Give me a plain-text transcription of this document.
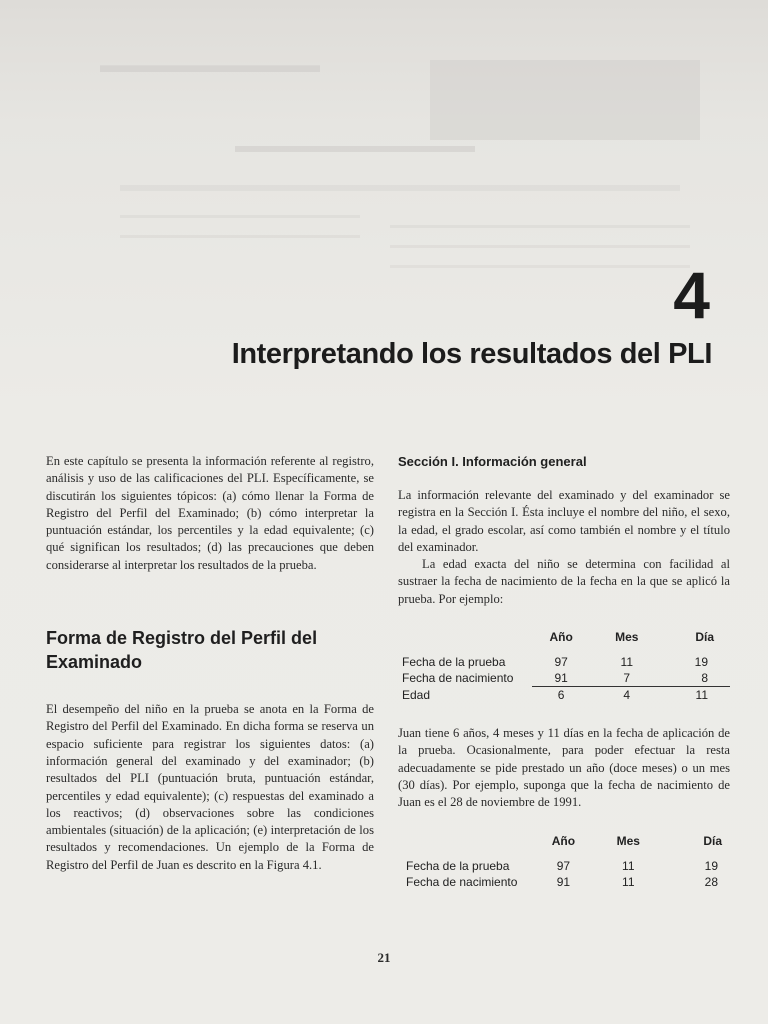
▬▬▬▬▬▬▬▬▬▬
▬▬▬▬▬▬▬▬▬▬▬▬
4
Interpretando los resultados del PLI

En este capítulo se presenta la información referente al registro, análisis y uso de las calificaciones del PLI. Específicamente, se discutirán los siguientes tópicos: (a) cómo llenar la Forma de Registro del Perfil del Examinado; (b) cómo interpretar la puntuación estándar, los percentiles y la edad equivalente; (c) qué significan los resultados; (d) las precauciones que deben considerarse al interpretar los resultados de la prueba.

Forma de Registro del Perfil del Examinado

El desempeño del niño en la prueba se anota en la Forma de Registro del Perfil del Examinado. En dicha forma se reserva un espacio suficiente para registrar los siguientes datos: (a) información general del examinado y del examinador; (b) resultados del PLI (puntuación bruta, puntuación estándar, percentiles y edad equivalente); (c) respuestas del examinado a los reactivos; (d) observaciones sobre las condiciones ambientales (situación) de la aplicación; (e) interpretación de los resultados y recomendaciones. Un ejemplo de la Forma de Registro del Perfil de Juan es descrito en la Figura 4.1.

Sección I. Información general

La información relevante del examinado y del examinador se registra en la Sección I. Ésta incluye el nombre del niño, el sexo, la edad, el grado escolar, así como también el nombre y el título del examinador.

La edad exacta del niño se determina con facilidad al sustraer la fecha de nacimiento de la fecha en la que se aplicó la prueba. Por ejemplo:

	Año	Mes	Día
Fecha de la prueba	97	11	19
Fecha de nacimiento	91	7	8
Edad	6	4	11

Juan tiene 6 años, 4 meses y 11 días en la fecha de aplicación de la prueba. Ocasionalmente, para poder efectuar la resta adecuadamente se pide prestado un año (doce meses) o un mes (30 días). Por ejemplo, suponga que la fecha de nacimiento de Juan es el 28 de noviembre de 1991.

	Año	Mes	Día
Fecha de la prueba	97	11	19
Fecha de nacimiento	91	11	28
21
